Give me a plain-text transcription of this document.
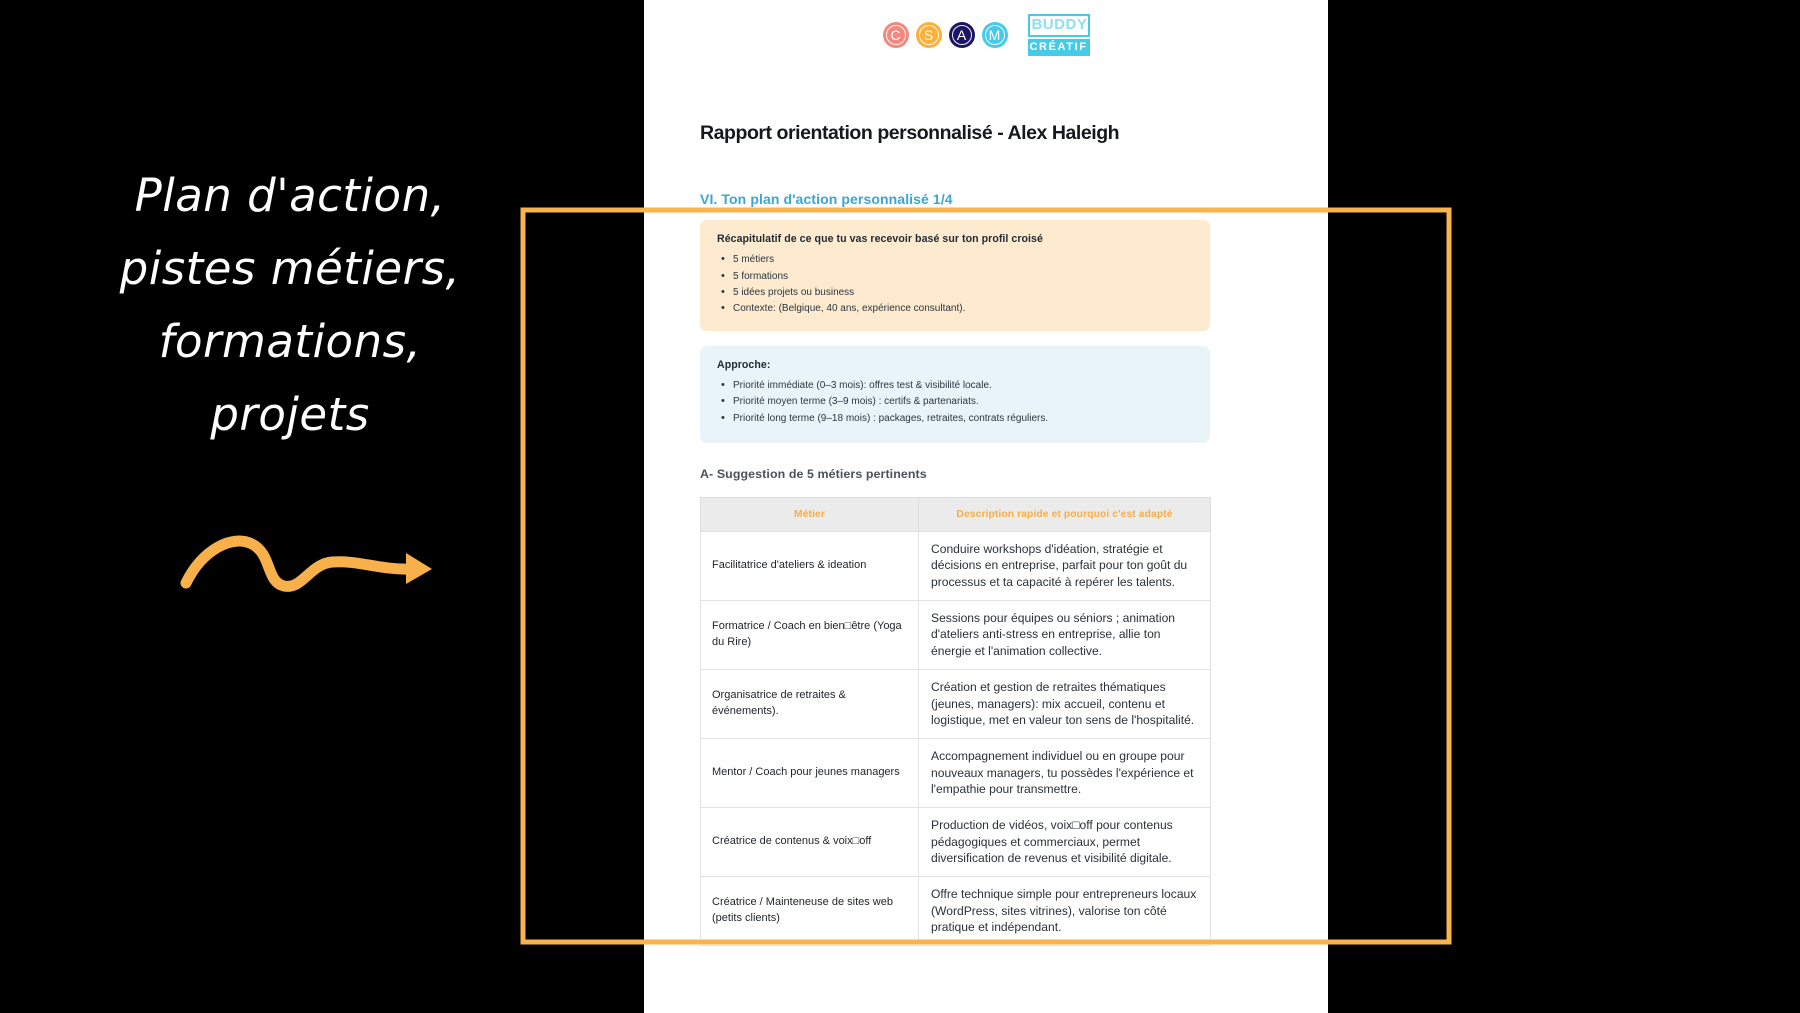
C	S	A	M
BUDDY
CRÉATIF
Rapport orientation personnalisé - Alex Haleigh
VI. Ton plan d'action personnalisé 1/4
Récapitulatif de ce que tu vas recevoir basé sur ton profil croisé
• 5 métiers
• 5 formations
• 5 idées projets ou business
• Contexte: (Belgique, 40 ans, expérience consultant).
Approche:
• Priorité immédiate (0–3 mois): offres test & visibilité locale.
• Priorité moyen terme (3–9 mois) : certifs & partenariats.
• Priorité long terme (9–18 mois) : packages, retraites, contrats réguliers.
A- Suggestion de 5 métiers pertinents
Métier	Description rapide et pourquoi c'est adapté
Facilitatrice d'ateliers & ideation	Conduire workshops d'idéation, stratégie et décisions en entreprise, parfait pour ton goût du processus et ta capacité à repérer les talents.
Formatrice / Coach en bien□être (Yoga du Rire)	Sessions pour équipes ou séniors ; animation d'ateliers anti-stress en entreprise, allie ton énergie et l'animation collective.
Organisatrice de retraites & événements).	Création et gestion de retraites thématiques (jeunes, managers): mix accueil, contenu et logistique, met en valeur ton sens de l'hospitalité.
Mentor / Coach pour jeunes managers	Accompagnement individuel ou en groupe pour nouveaux managers, tu possèdes l'expérience et l'empathie pour transmettre.
Créatrice de contenus & voix□off	Production de vidéos, voix□off pour contenus pédagogiques et commerciaux, permet diversification de revenus et visibilité digitale.
Créatrice / Mainteneuse de sites web (petits clients)	Offre technique simple pour entrepreneurs locaux (WordPress, sites vitrines), valorise ton côté pratique et indépendant.
Plan d'action,
pistes métiers,
formations,
projets
